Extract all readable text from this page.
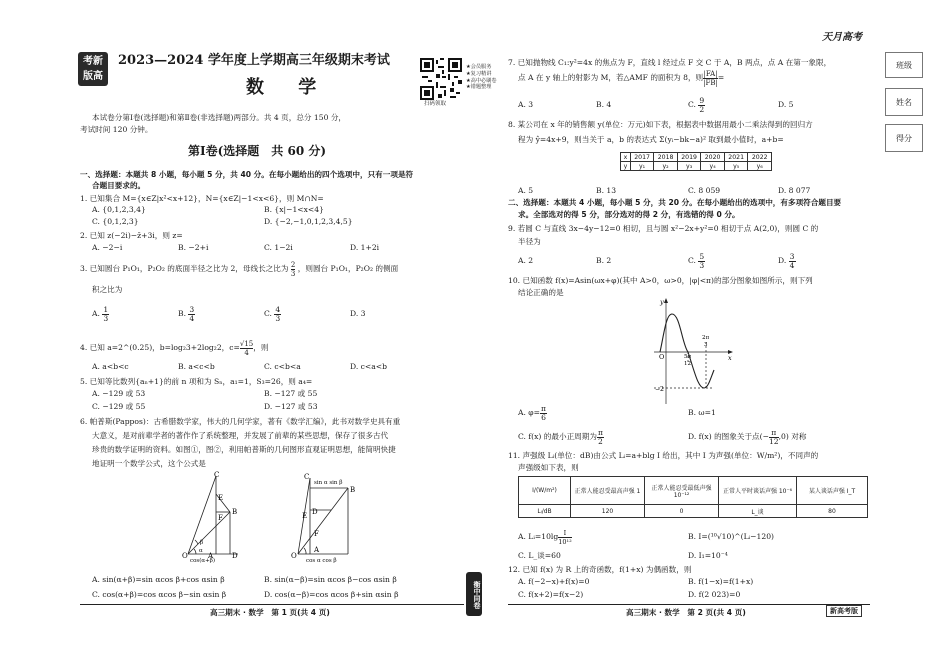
考新
版高
2023—2024 学年度上学期高三年级期末考试
数 学
扫码领取
★会员服务
★复习精讲
★高中必刷卷
★错题整理
本试卷分第Ⅰ卷(选择题)和第Ⅱ卷(非选择题)两部分。共 4 页，总分 150 分，
考试时间 120 分钟。
第Ⅰ卷(选择题　共 60 分)
天月高考
班级
姓名
得分
一、选择题：本题共 8 小题，每小题 5 分，共 40 分。在每小题给出的四个选项中，只有一项是符
合题目要求的。
1. 已知集合 M={x∈Z|x²<x+12}，N={x∈Z|−1<x<6}，则 M∩N=
A. {0,1,2,3,4}	B. {x|−1<x<4}
C. {0,1,2,3}	D. {−2,−1,0,1,2,3,4,5}
2. 已知 z(−2i)−z̄+3i，则 z=
A. −2−i	B. −2+i	C. 1−2i	D. 1+2i
3. 已知圆台 P₁O₁，P₂O₂ 的底面半径之比为 2，母线长之比为 $\frac{2}{3}$ ，则圆台 P₁O₁，P₂O₂ 的侧面
积之比为
A. $\frac{1}{3}$	B. $\frac{3}{4}$	C. $\frac{4}{3}$	D. 3
4. 已知 a=2^(0.25)，b=log₂3+2log₂2，$c= \frac{√15}{4}$ ，则
A. a<b<c	B. a<c<b	C. c<b<a	D. c<a<b
5. 已知等比数列{aₙ+1}的前 n 项和为 Sₙ，a₁=1，S₃=26，则 a₄=
A. −129 或 53	B. −127 或 55
C. −129 或 55	D. −127 或 53
6. 帕普斯(Pappos)：古希腊数学家，伟大的几何学家，著有《数学汇编》，此书对数学史具有重
大意义，是对前辈学者的著作作了系统整理，并发展了前辈的某些思想，保存了很多古代
珍贵的数学证明的资料。如图①，图②，利用帕普斯的几何图形直观证明思想，能简明快捷
地证明一个数学公式，这个公式是
C
B
D
A
O
E
F
α
β
cos(α+β)
sin α sin β
C
B
D
E
F
A
O
cos α cos β
A. sin(α+β)=sin αcos β+cos αsin β	B. sin(α−β)=sin αcos β−cos αsin β
C. cos(α+β)=cos αcos β−sin αsin β	D. cos(α−β)=cos αcos β+sin αsin β	衡中同卷
高三期末 · 数学　第 1 页(共 4 页)
7. 已知抛物线 C₁:y²=4x 的焦点为 F，直线 l 经过点 F 交 C 于 A，B 两点，点 A 在第一象限，
点 A 在 y 轴上的射影为 M，若△AMF 的面积为 8，则 $\frac{|FA|}{|FB|}$ =
A. 3	B. 4	C. $\frac{9}{2}$	D. 5
8. 某公司在 x 年的销售额 y(单位：万元)如下表，根据表中数据用最小二乘法得到的回归方
程为 ŷ=4x+9，则当关于 a，b 的表达式 Σ(yᵢ−bk−a)² 取到最小值时，a+b=
x	2017	2018	2019	2020	2021	2022
y	y₁	y₂	y₃	y₄	y₅	y₆
A. 5	B. 13	C. 8 059	D. 8 077
二、选择题：本题共 4 小题，每小题 5 分，共 20 分。在每小题给出的选项中，有多项符合题目要
求。全部选对的得 5 分，部分选对的得 2 分，有选错的得 0 分。
9. 若圆 C 与直线 3x−4y−12=0 相切，且与圆 x²−2x+y²=0 相切于点 A(2,0)，则圆 C 的
半径为
A. 2	B. 2	C. $\frac{5}{3}$	D. $\frac{3}{4}$
10. 已知函数 f(x)=Asin(ωx+φ)(其中 A>0，ω>0，|φ|<π)的部分图象如图所示，则下列
结论正确的是
y
O	x
2π
3
5π
12
−2
A. $\varphi= \frac{\pi}{6}$	B. ω=1
C. f(x) 的最小正周期为 $\frac{\pi}{2}$	D. f(x) 的图象关于点(− $\frac{\pi}{12} ,0$) 对称
11. 声强级 Lᵢ(单位：dB)由公式 Lᵢ=a+blg I 给出，其中 I 为声强(单位：W/m²)，不同声的
声强级如下表，则
I/(W/m²)	正常人能忍受最高声强 1	正常人能忍受最低声强 10⁻¹²	正常人平时谈话声强 10⁻⁶	某人谈话声强 I_T
Lᵢ/dB	120	0	L_谈	80
A. Lᵢ=10lg $\frac{I}{\text{10¹²}}$	B. I=(¹⁰√10)^(Lᵢ−120)
C. L_谈=60	D. I₁=10⁻⁴
12. 已知 f(x) 为 R 上的奇函数，f(1+x) 为偶函数，则
A. f(−2−x)+f(x)=0	B. f(1−x)=f(1+x)
C. f(x+2)=f(x−2)	D. f(2 023)=0
高三期末 · 数学　第 2 页(共 4 页)	新高考版
